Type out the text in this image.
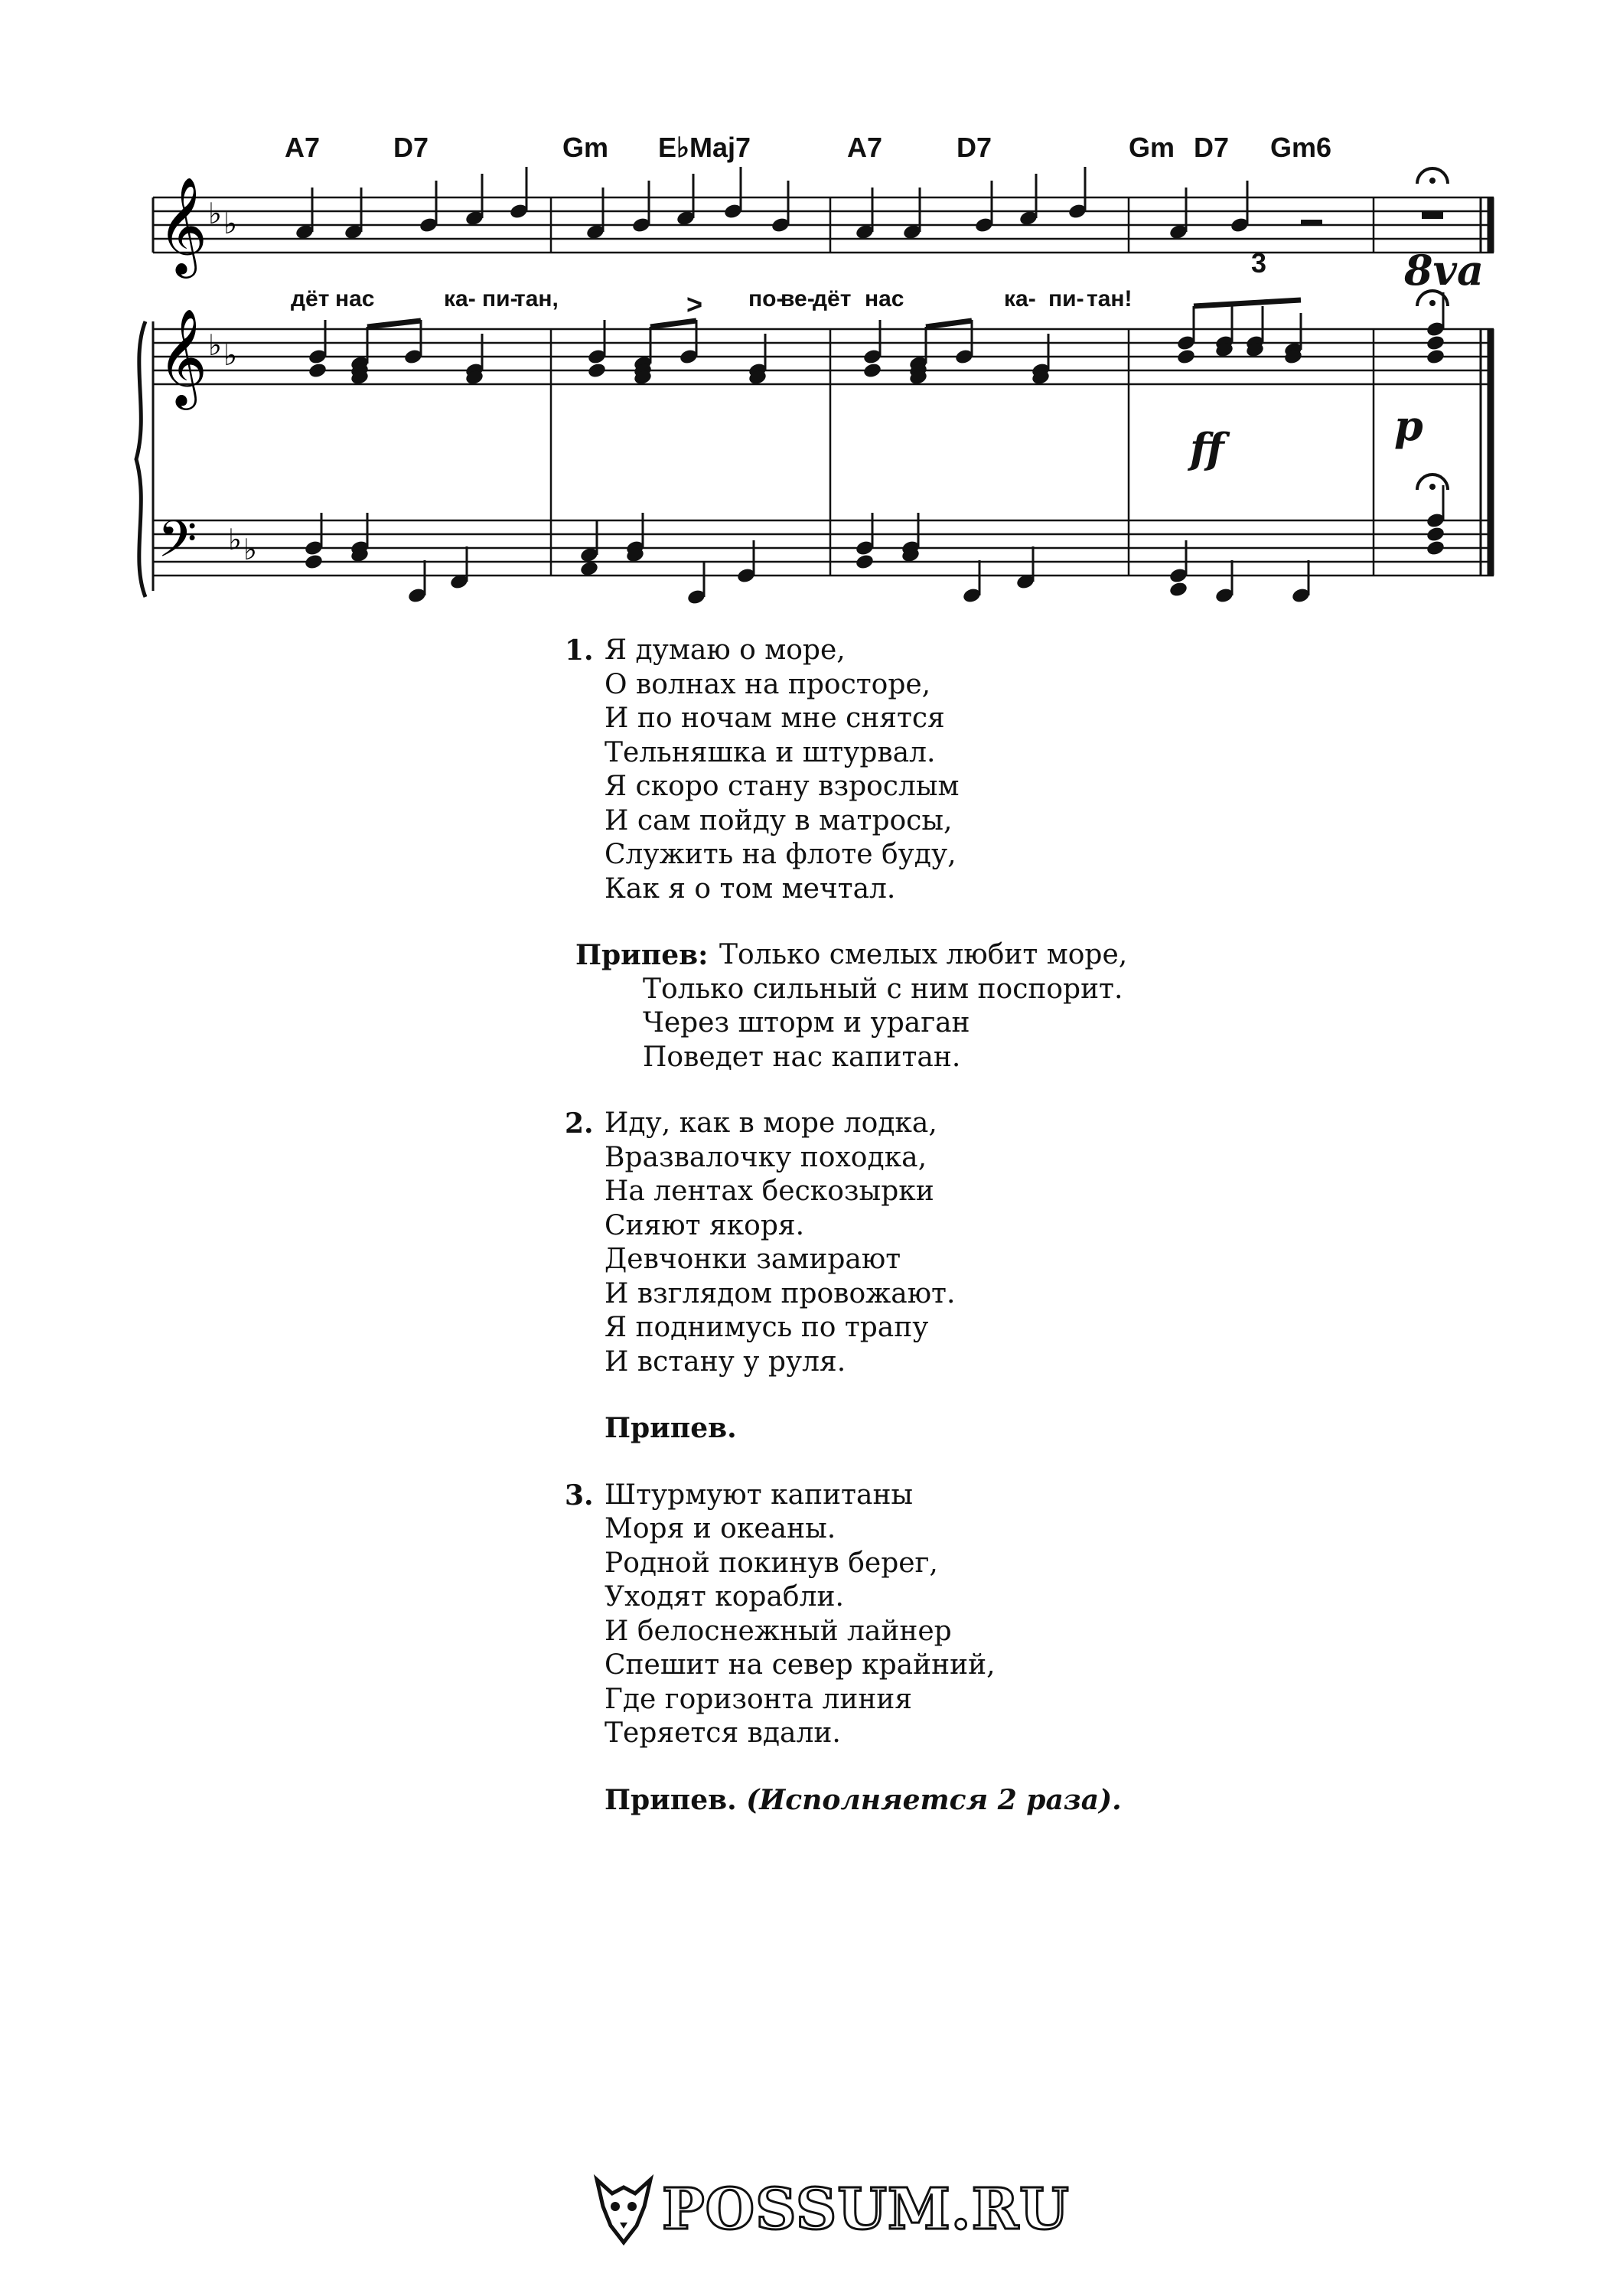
A7	D7	Gm E♭Maj7	A7	D7	Gm D7 Gm6
𝄞 ♭ ♭
дёт нас	ка- пи-
тан,	по-
ве-
дёт нас	ка- пи- тан!
𝄞
𝄢
♭ ♭
♭ ♭
8va
3
ff	p
>
1. Я думаю о море,
О волнах на просторе,
И по ночам мне снятся
Тельняшка и штурвал.
Я скоро стану взрослым
И сам пойду в матросы,
Служить на флоте буду,
Как я о том мечтал.
Припев: Только смелых любит море,
Только сильный с ним поспорит.
Через шторм и ураган
Поведет нас капитан.
2. Иду, как в море лодка,
Вразвалочку походка,
На лентах бескозырки
Сияют якоря.
Девчонки замирают
И взглядом провожают.
Я поднимусь по трапу
И встану у руля.
Припев.
3. Штурмуют капитаны
Моря и океаны.
Родной покинув берег,
Уходят корабли.
И белоснежный лайнер
Спешит на север крайний,
Где горизонта линия
Теряется вдали.
Припев. (Исполняется 2 раза).
POSSUM.RU
